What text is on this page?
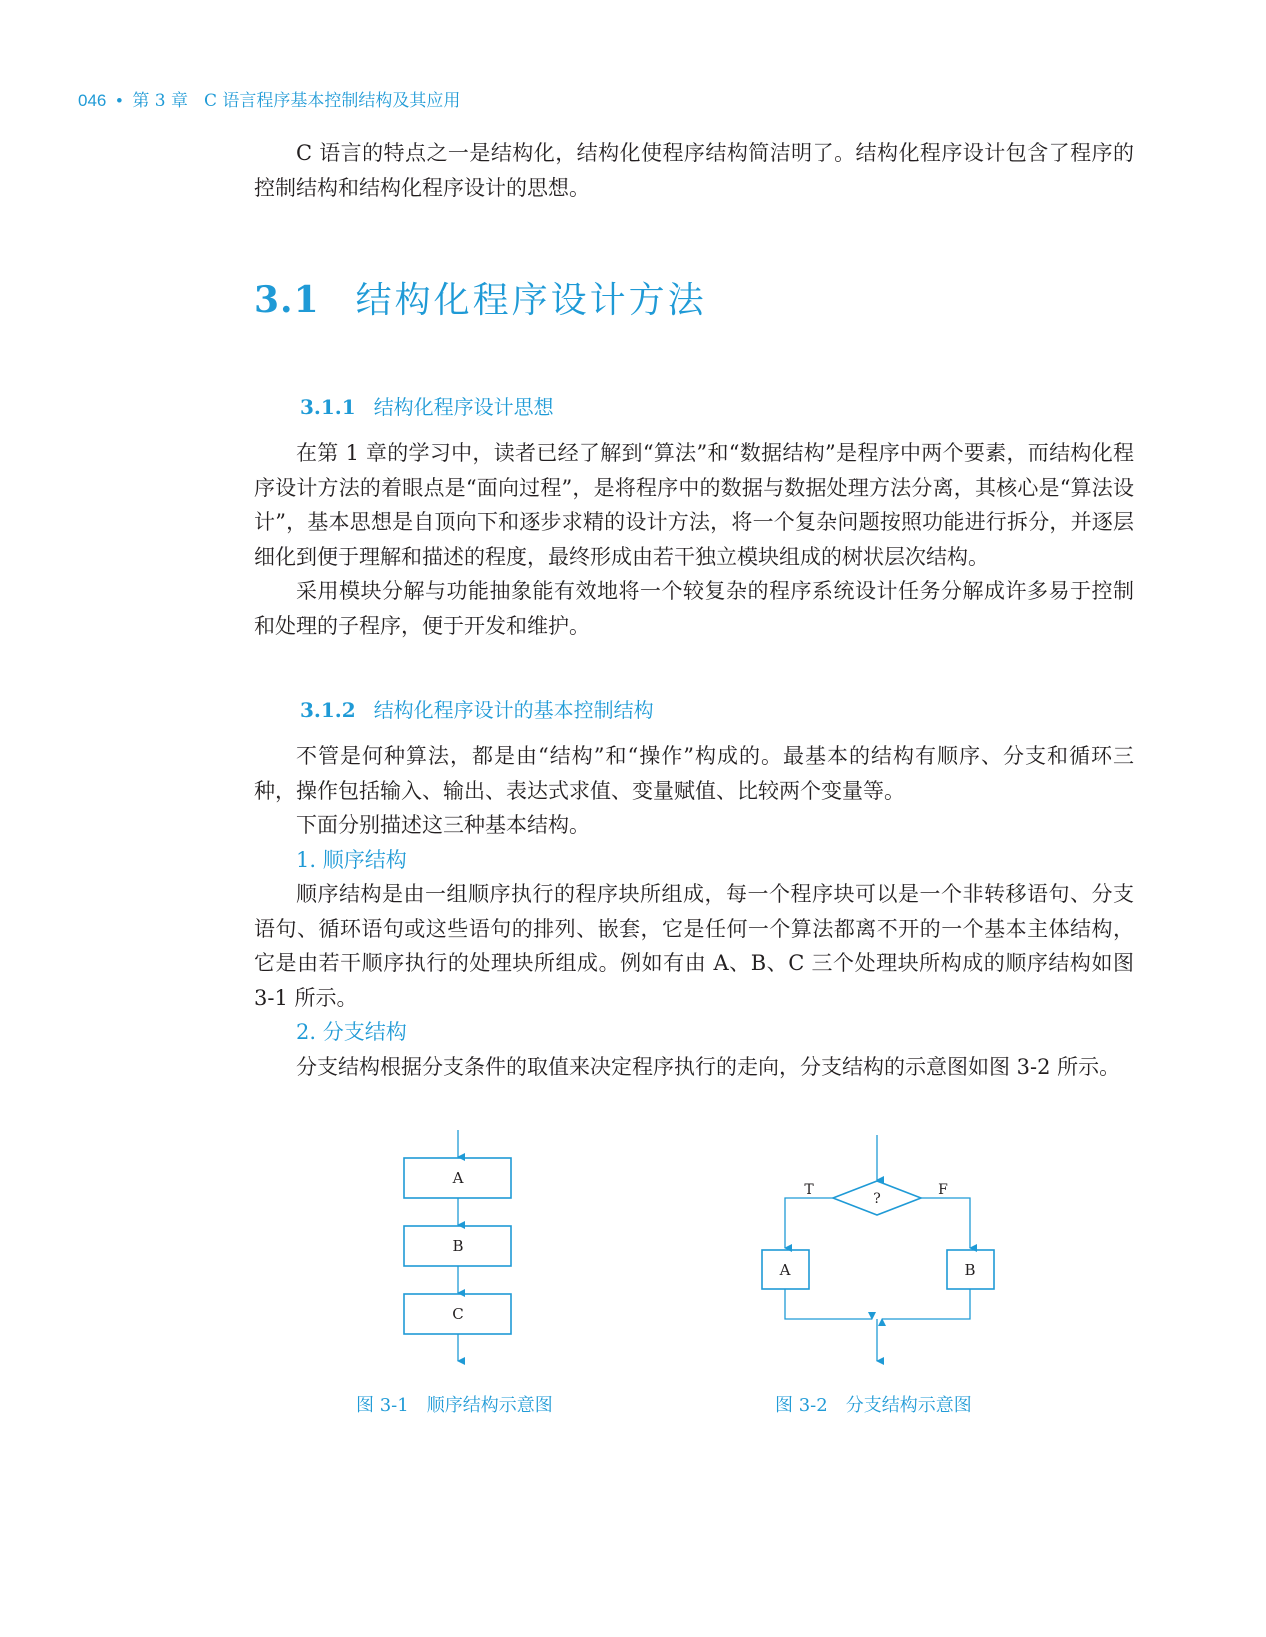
046 • 第 3 章 C 语言程序基本控制结构及其应用

C 语言的特点之一是结构化，结构化使程序结构简洁明了。结构化程序设计包含了程序的控制结构和结构化程序设计的思想。

3.1 结构化程序设计方法
3.1.1 结构化程序设计思想

在第 1 章的学习中，读者已经了解到“算法”和“数据结构”是程序中两个要素，而结构化程序设计方法的着眼点是“面向过程”，是将程序中的数据与数据处理方法分离，其核心是“算法设计”，基本思想是自顶向下和逐步求精的设计方法，将一个复杂问题按照功能进行拆分，并逐层细化到便于理解和描述的程度，最终形成由若干独立模块组成的树状层次结构。

采用模块分解与功能抽象能有效地将一个较复杂的程序系统设计任务分解成许多易于控制和处理的子程序，便于开发和维护。

3.1.2 结构化程序设计的基本控制结构

不管是何种算法，都是由“结构”和“操作”构成的。最基本的结构有顺序、分支和循环三种，操作包括输入、输出、表达式求值、变量赋值、比较两个变量等。

下面分别描述这三种基本结构。

1. 顺序结构

顺序结构是由一组顺序执行的程序块所组成，每一个程序块可以是一个非转移语句、分支语句、循环语句或这些语句的排列、嵌套，它是任何一个算法都离不开的一个基本主体结构，它是由若干顺序执行的处理块所组成。例如有由 A、B、C 三个处理块所构成的顺序结构如图 3-1 所示。

2. 分支结构

分支结构根据分支条件的取值来决定程序执行的走向，分支结构的示意图如图 3-2 所示。

A
B
C
图 3-1　顺序结构示意图
?
T	F
A	B
图 3-2　分支结构示意图
